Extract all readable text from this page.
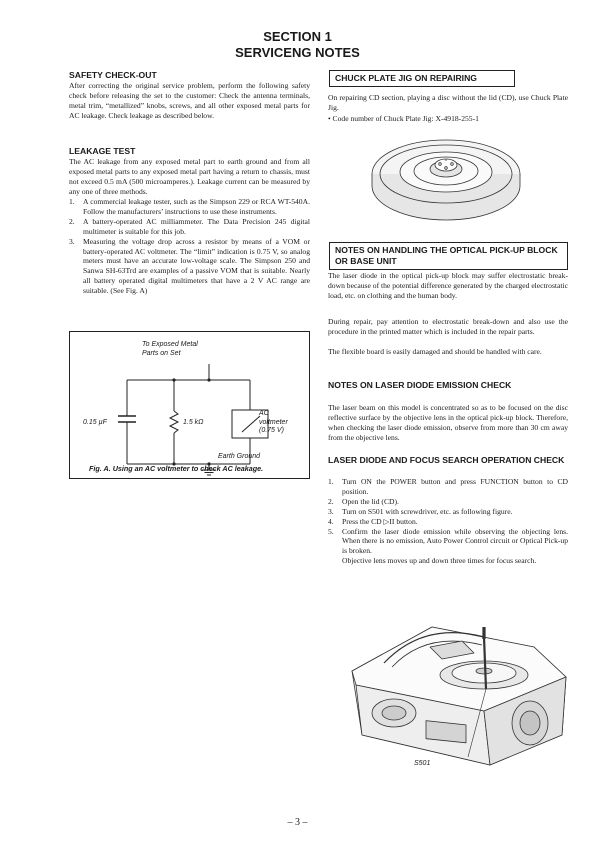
SECTION 1
SERVICENG NOTES
SAFETY CHECK-OUT
After correcting the original service problem, perform the following safety check before releasing the set to the customer: Check the antenna terminals, metal trim, “metallized” knobs, screws, and all other exposed metal parts for AC leakage. Check leakage as described below.
LEAKAGE TEST
The AC leakage from any exposed metal part to earth ground and from all exposed metal parts to any exposed metal part having a return to chassis, must not exceed 0.5 mA (500 microamperes.). Leakage current can be measured by any one of three methods.
1. A commercial leakage tester, such as the Simpson 229 or RCA WT-540A. Follow the manufacturers’ instructions to use these instruments.
2. A battery-operated AC milliammeter. The Data Precision 245 digital multimeter is suitable for this job.
3. Measuring the voltage drop across a resistor by means of a VOM or battery-operated AC voltmeter. The “limit” indication is 0.75 V, so analog meters must have an accurate low-voltage scale. The Simpson 250 and Sanwa SH-63Trd are examples of a passive VOM that is suitable. Nearly all battery operated digital multimeters that have a 2 V AC range are suitable. (See Fig. A)
To Exposed Metal Parts on Set
0.15 µF	1.5 kΩ
AC voltmeter (0.75 V)
Earth Ground
Fig. A. Using an AC voltmeter to check AC leakage.
CHUCK PLATE JIG ON REPAIRING
On repairing CD section, playing a disc without the lid (CD), use Chuck Plate Jig.
• Code number of Chuck Plate Jig: X-4918-255-1
NOTES ON HANDLING THE OPTICAL PICK-UP BLOCK OR BASE UNIT
The laser diode in the optical pick-up block may suffer electrostatic break-down because of the potential difference generated by the charged electrostatic load, etc. on clothing and the human body.
During repair, pay attention to electrostatic break-down and also use the procedure in the printed matter which is included in the repair parts.
The flexible board is easily damaged and should be handled with care.
NOTES ON LASER DIODE EMISSION CHECK
The laser beam on this model is concentrated so as to be focused on the disc reflective surface by the objective lens in the optical pick-up block. Therefore, when checking the laser diode emission, observe from more than 30 cm away from the objective lens.
LASER DIODE AND FOCUS SEARCH OPERATION CHECK
1. Turn ON the POWER button and press FUNCTION button to CD position.
2. Open the lid (CD).
3. Turn on S501 with screwdriver, etc. as following figure.
4. Press the CD ▷II button.
5. Confirm the laser diode emission while observing the objecting lens. When there is no emission, Auto Power Control circuit or Optical Pick-up is broken.
Objective lens moves up and down three times for focus search.
S501
– 3 –
